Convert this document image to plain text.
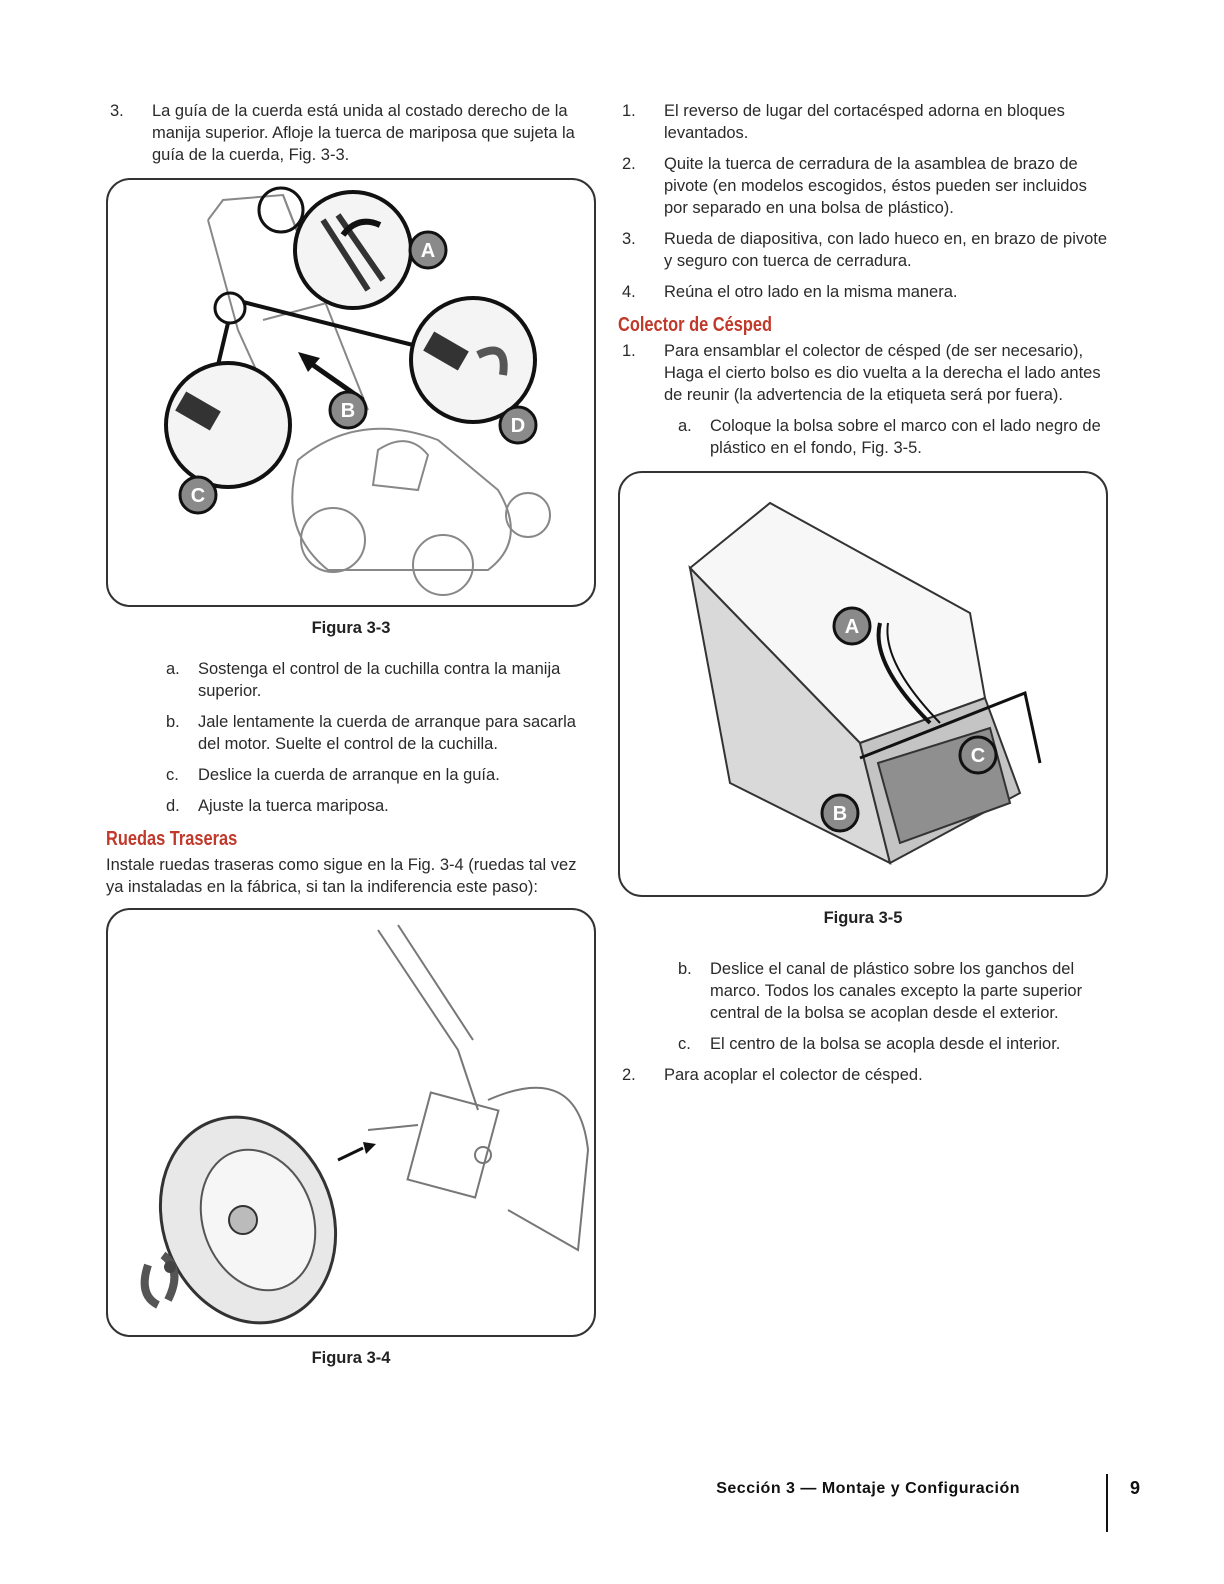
3. La guía de la cuerda está unida al costado derecho de la manija superior. Afloje la tuerca de mariposa que sujeta la guía de la cuerda, Fig. 3-3.
A
B
C
D
Figura 3-3
a. Sostenga el control de la cuchilla contra la manija superior.
b. Jale lentamente la cuerda de arranque para sacarla del motor. Suelte el control de la cuchilla.
c. Deslice la cuerda de arranque en la guía.
d. Ajuste la tuerca mariposa.
Ruedas Traseras
Instale ruedas traseras como sigue en la Fig. 3-4 (ruedas tal vez ya instaladas en la fábrica, si tan la indiferencia este paso):
Figura 3-4
1. El reverso de lugar del cortacésped adorna en bloques levantados.
2. Quite la tuerca de cerradura de la asamblea de brazo de pivote (en modelos escogidos, éstos pueden ser incluidos por separado en una bolsa de plástico).
3. Rueda de diapositiva, con lado hueco en, en brazo de pivote y seguro con tuerca de cerradura.
4. Reúna el otro lado en la misma manera.
Colector de Césped
1. Para ensamblar el colector de césped (de ser necesario), Haga el cierto bolso es dio vuelta a la derecha el lado antes de reunir (la advertencia de la etiqueta será por fuera).
a. Coloque la bolsa sobre el marco con el lado negro de plástico en el fondo, Fig. 3-5.
A
B
C
Figura 3-5
b. Deslice el canal de plástico sobre los ganchos del marco. Todos los canales excepto la parte superior central de la bolsa se acoplan desde el exterior.
c. El centro de la bolsa se acopla desde el interior.
2. Para acoplar el colector de césped.
Sección 3 — Montaje y Configuración	9
